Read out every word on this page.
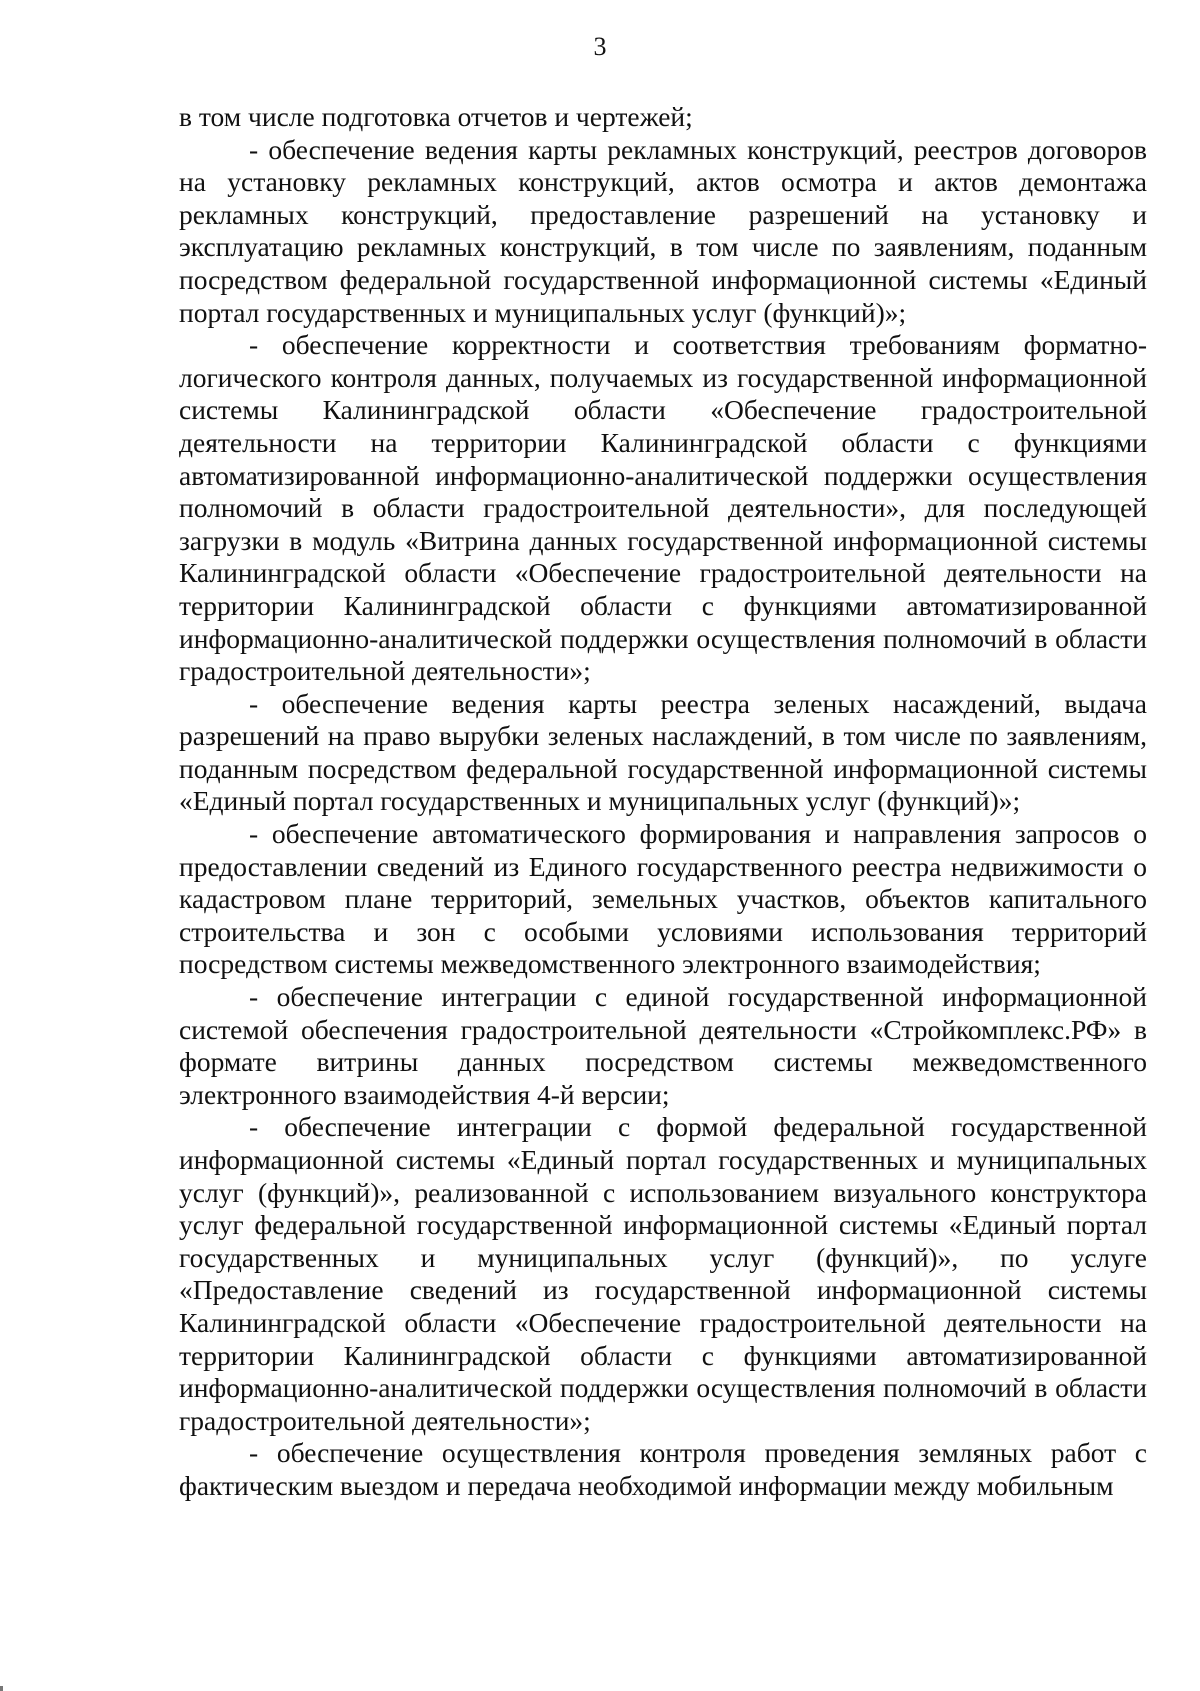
3

в том числе подготовка отчетов и чертежей;

- обеспечение ведения карты рекламных конструкций, реестров договоров на установку рекламных конструкций, актов осмотра и актов демонтажа рекламных конструкций, предоставление разрешений на установку и эксплуатацию рекламных конструкций, в том числе по заявлениям, поданным посредством федеральной государственной информационной системы «Единый портал государственных и муниципальных услуг (функций)»;

- обеспечение корректности и соответствия требованиям форматно-логического контроля данных, получаемых из государственной информационной системы Калининградской области «Обеспечение градостроительной деятельности на территории Калининградской области с функциями автоматизированной информационно-аналитической поддержки осуществления полномочий в области градостроительной деятельности», для последующей загрузки в модуль «Витрина данных государственной информационной системы Калининградской области «Обеспечение градостроительной деятельности на территории Калининградской области с функциями автоматизированной информационно-аналитической поддержки осуществления полномочий в области градостроительной деятельности»;

- обеспечение ведения карты реестра зеленых насаждений, выдача разрешений на право вырубки зеленых наслаждений, в том числе по заявлениям, поданным посредством федеральной государственной информационной системы «Единый портал государственных и муниципальных услуг (функций)»;

- обеспечение автоматического формирования и направления запросов о предоставлении сведений из Единого государственного реестра недвижимости о кадастровом плане территорий, земельных участков, объектов капитального строительства и зон с особыми условиями использования территорий посредством системы межведомственного электронного взаимодействия;

- обеспечение интеграции с единой государственной информационной системой обеспечения градостроительной деятельности «Стройкомплекс.РФ» в формате витрины данных посредством системы межведомственного электронного взаимодействия 4-й версии;

- обеспечение интеграции с формой федеральной государственной информационной системы «Единый портал государственных и муниципальных услуг (функций)», реализованной с использованием визуального конструктора услуг федеральной государственной информационной системы «Единый портал государственных и муниципальных услуг (функций)», по услуге «Предоставление сведений из государственной информационной системы Калининградской области «Обеспечение градостроительной деятельности на территории Калининградской области с функциями автоматизированной информационно-аналитической поддержки осуществления полномочий в области градостроительной деятельности»;

- обеспечение осуществления контроля проведения земляных работ с фактическим выездом и передача необходимой информации между мобильным
